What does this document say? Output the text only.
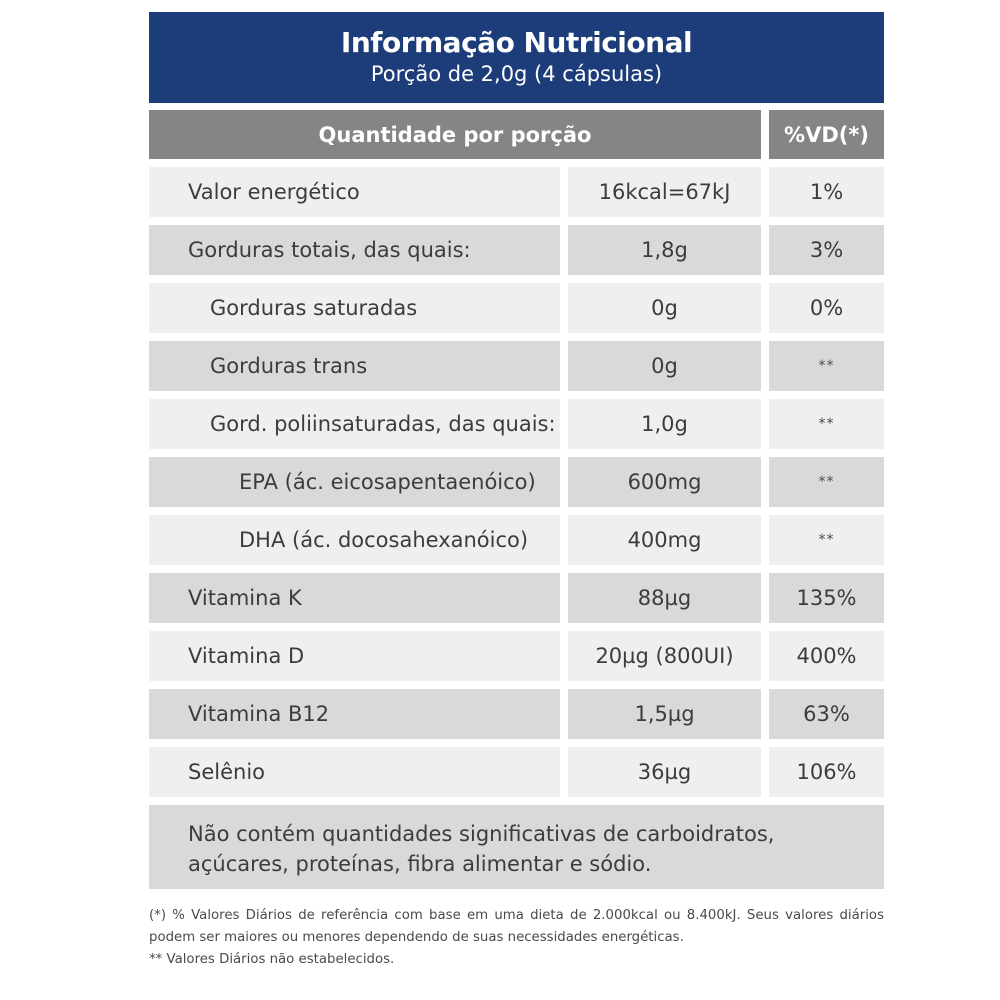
Informação Nutricional
Porção de 2,0g (4 cápsulas)
Quantidade por porção	%VD(*)
Valor energético	16kcal=67kJ	1%
Gorduras totais, das quais:	1,8g	3%
Gorduras saturadas	0g	0%
Gorduras trans	0g	**
Gord. poliinsaturadas, das quais:	1,0g	**
EPA (ác. eicosapentaenóico)	600mg	**
DHA (ác. docosahexanóico)	400mg	**
Vitamina K	88µg	135%
Vitamina D	20µg (800UI)	400%
Vitamina B12	1,5µg	63%
Selênio	36µg	106%
Não contém quantidades significativas de carboidratos,
açúcares, proteínas, fibra alimentar e sódio.
(*) % Valores Diários de referência com base em uma dieta de 2.000kcal ou 8.400kJ. Seus valores diários podem ser maiores ou menores dependendo de suas necessidades energéticas.
** Valores Diários não estabelecidos.
